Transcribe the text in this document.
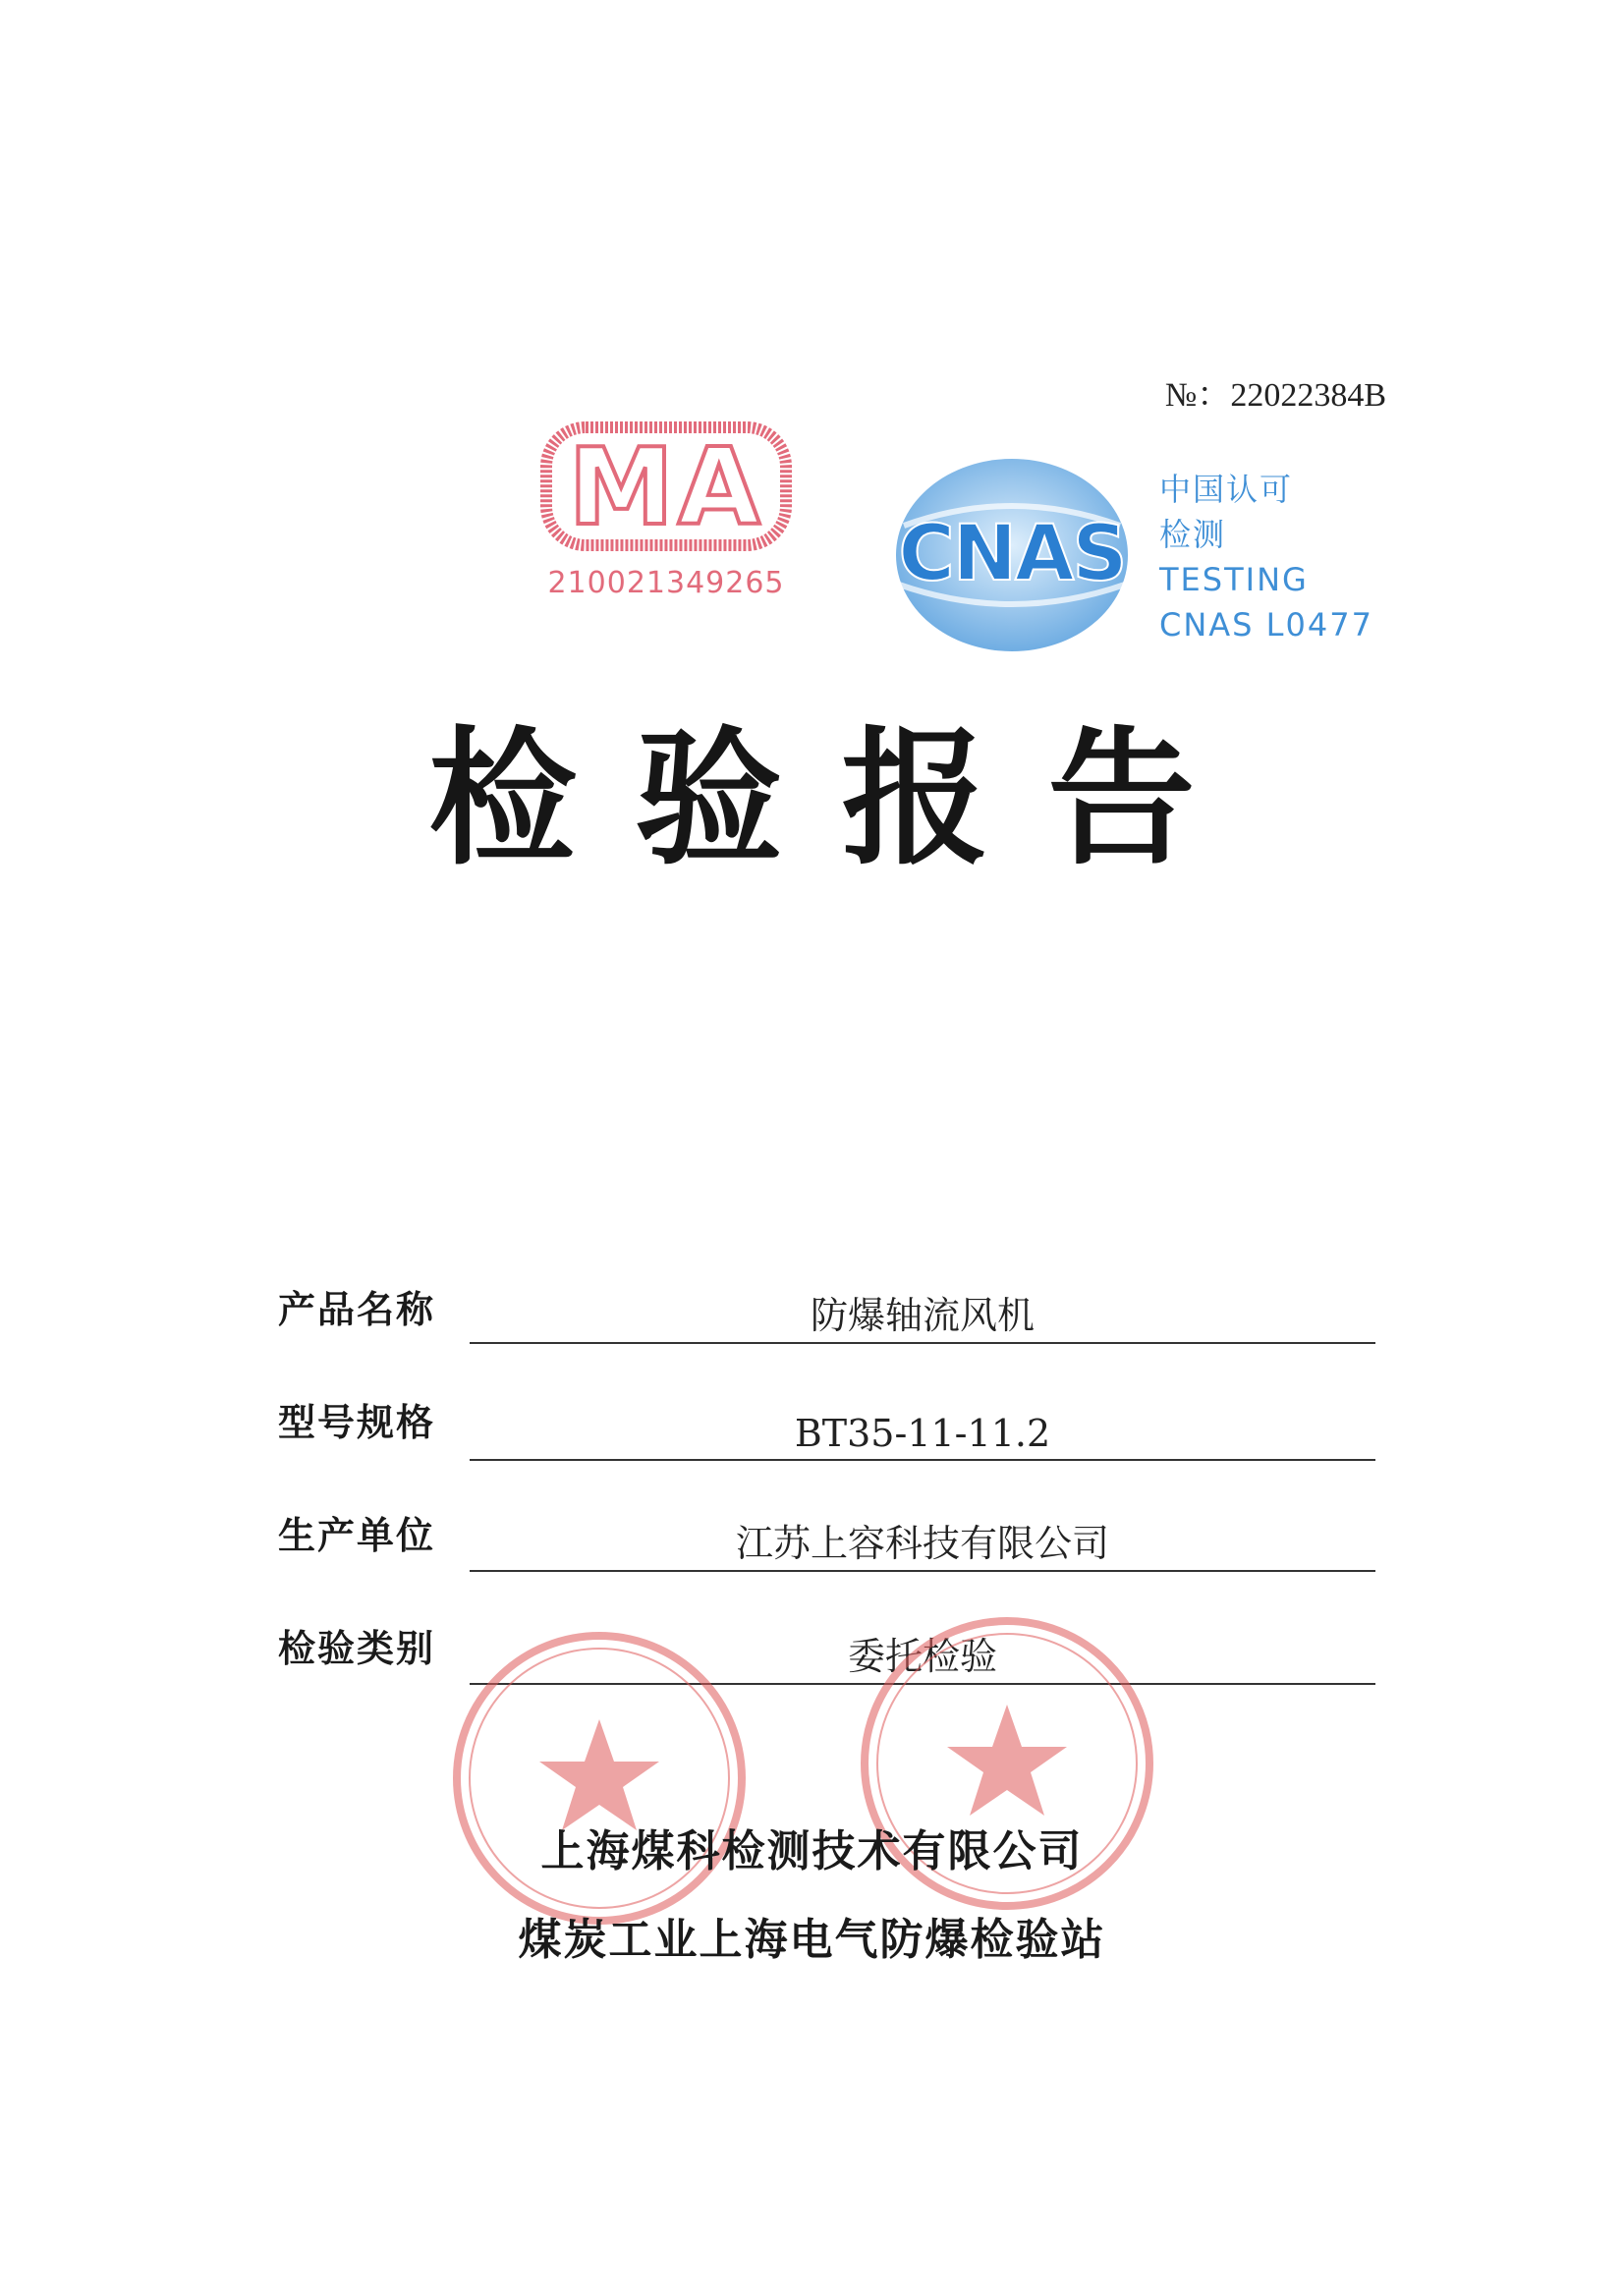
№：22022384B
MA
210021349265 CNAS
中国认可
检测
TESTING
CNAS L0477
检验报告
产品名称	防爆轴流风机
型号规格	BT35-11-11.2
生产单位	江苏上容科技有限公司
检验类别	委托检验
上海煤科检测技术有限公司
煤炭工业上海电气防爆检验站
